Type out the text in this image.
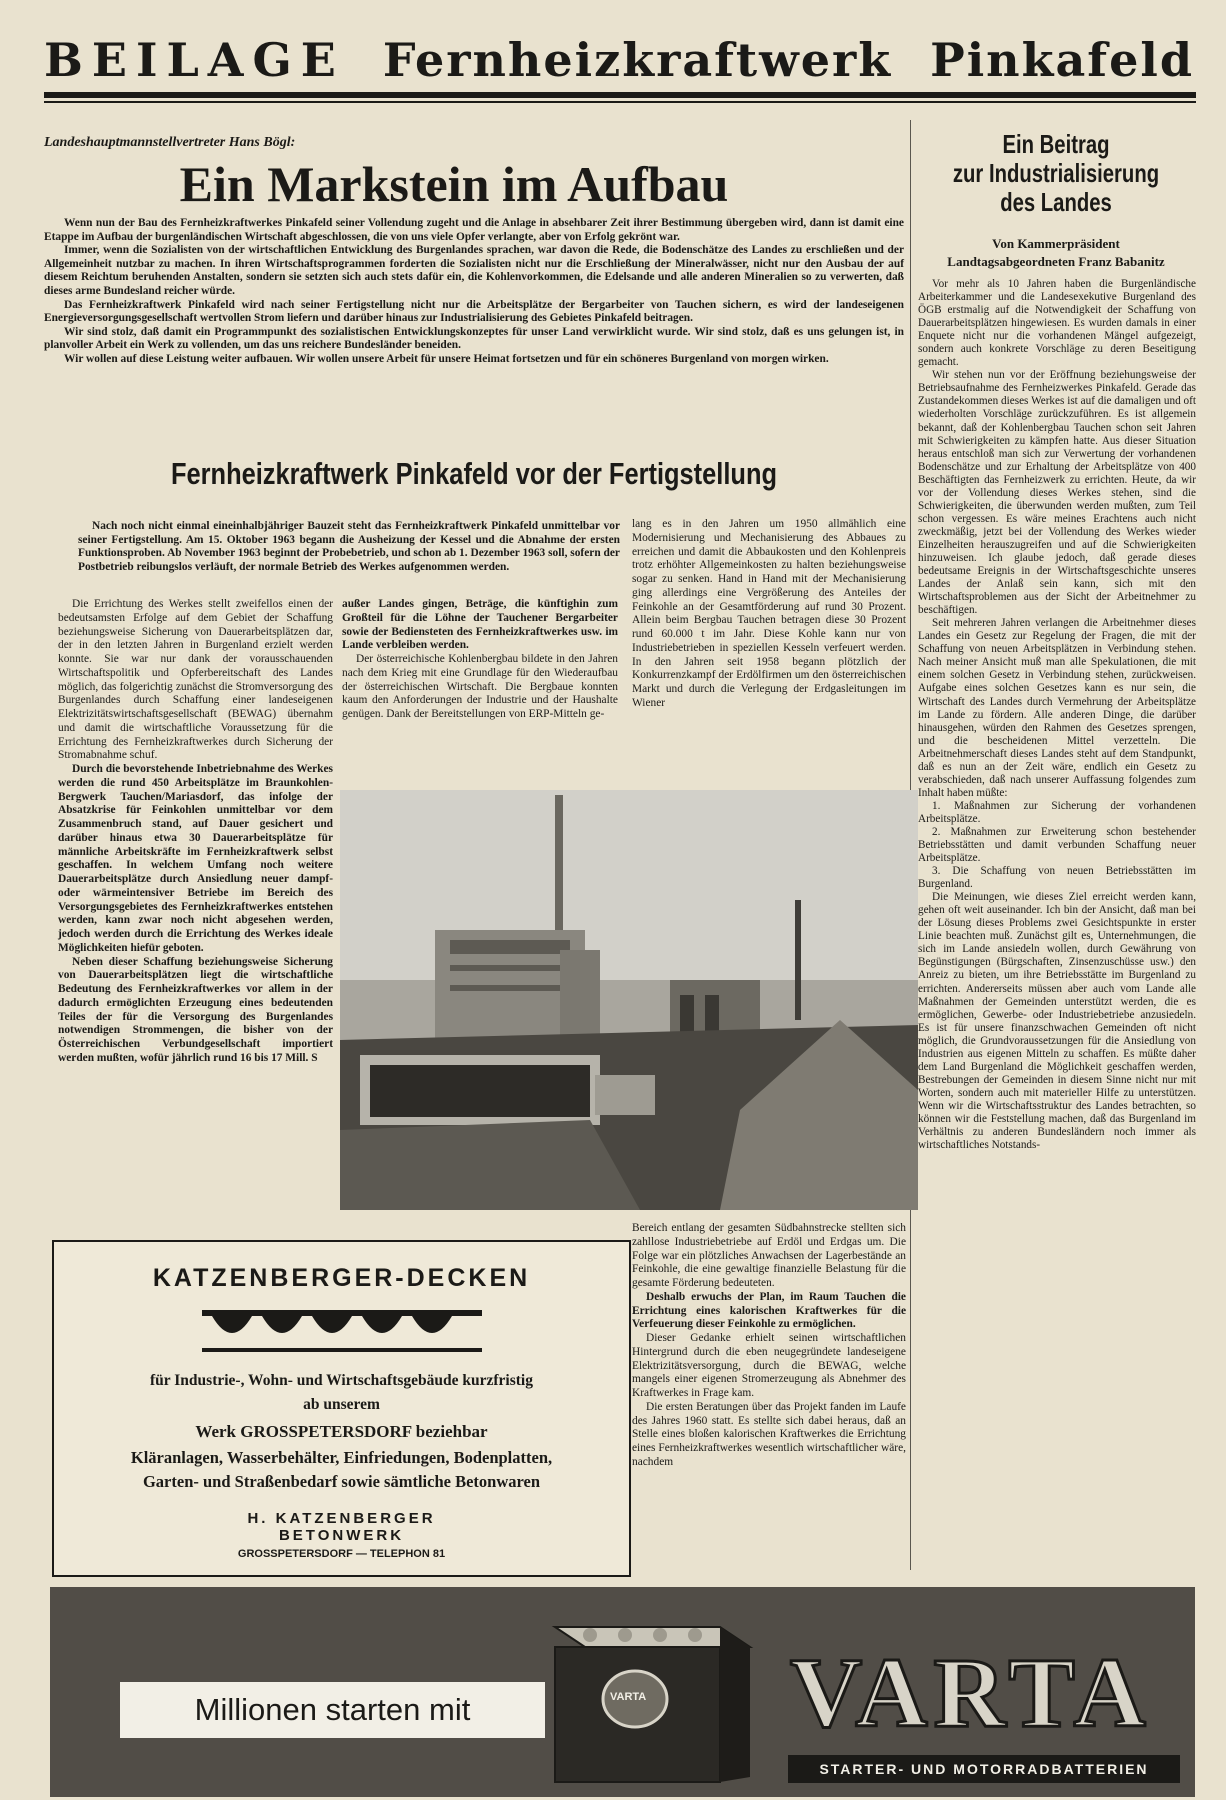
BEILAGE Fernheizkraftwerk Pinkafeld
Landeshauptmannstellvertreter Hans Bögl:
Ein Markstein im Aufbau

Wenn nun der Bau des Fernheizkraftwerkes Pinkafeld seiner Vollendung zugeht und die Anlage in absehbarer Zeit ihrer Bestimmung übergeben wird, dann ist damit eine Etappe im Aufbau der burgenländischen Wirtschaft abgeschlossen, die von uns viele Opfer verlangte, aber von Erfolg gekrönt war.

Immer, wenn die Sozialisten von der wirtschaftlichen Entwicklung des Burgenlandes sprachen, war davon die Rede, die Bodenschätze des Landes zu erschließen und der Allgemeinheit nutzbar zu machen. In ihren Wirtschaftsprogrammen forderten die Sozialisten nicht nur die Erschließung der Mineralwässer, nicht nur den Ausbau der auf diesem Reichtum beruhenden Anstalten, sondern sie setzten sich auch stets dafür ein, die Kohlenvorkommen, die Edelsande und alle anderen Mineralien so zu verwerten, daß dieses arme Bundesland reicher würde.

Das Fernheizkraftwerk Pinkafeld wird nach seiner Fertigstellung nicht nur die Arbeitsplätze der Bergarbeiter von Tauchen sichern, es wird der landeseigenen Energieversorgungsgesellschaft wertvollen Strom liefern und darüber hinaus zur Industrialisierung des Gebietes Pinkafeld beitragen.

Wir sind stolz, daß damit ein Programmpunkt des sozialistischen Entwicklungskonzeptes für unser Land verwirklicht wurde. Wir sind stolz, daß es uns gelungen ist, in planvoller Arbeit ein Werk zu vollenden, um das uns reichere Bundesländer beneiden.

Wir wollen auf diese Leistung weiter aufbauen. Wir wollen unsere Arbeit für unsere Heimat fortsetzen und für ein schöneres Burgenland von morgen wirken.

Fernheizkraftwerk Pinkafeld vor der Fertigstellung

Nach noch nicht einmal eineinhalbjähriger Bauzeit steht das Fernheizkraftwerk Pinkafeld unmittelbar vor seiner Fertigstellung. Am 15. Oktober 1963 begann die Ausheizung der Kessel und die Abnahme der ersten Funktionsproben. Ab November 1963 beginnt der Probebetrieb, und schon ab 1. Dezember 1963 soll, sofern der Postbetrieb reibungslos verläuft, der normale Betrieb des Werkes aufgenommen werden.

Die Errichtung des Werkes stellt zweifellos einen der bedeutsamsten Erfolge auf dem Gebiet der Schaffung beziehungsweise Sicherung von Dauerarbeitsplätzen dar, der in den letzten Jahren in Burgenland erzielt werden konnte. Sie war nur dank der vorausschauenden Wirtschaftspolitik und Opferbereitschaft des Landes möglich, das folgerichtig zunächst die Stromversorgung des Burgenlandes durch Schaffung einer landeseigenen Elektrizitätswirtschaftsgesellschaft (BEWAG) übernahm und damit die wirtschaftliche Voraussetzung für die Errichtung des Fernheizkraftwerkes durch Sicherung der Stromabnahme schuf.

Durch die bevorstehende Inbetriebnahme des Werkes werden die rund 450 Arbeitsplätze im Braunkohlen-Bergwerk Tauchen/Mariasdorf, das infolge der Absatzkrise für Feinkohlen unmittelbar vor dem Zusammenbruch stand, auf Dauer gesichert und darüber hinaus etwa 30 Dauerarbeitsplätze für männliche Arbeitskräfte im Fernheizkraftwerk selbst geschaffen. In welchem Umfang noch weitere Dauerarbeitsplätze durch Ansiedlung neuer dampf- oder wärmeintensiver Betriebe im Bereich des Versorgungsgebietes des Fernheizkraftwerkes entstehen werden, kann zwar noch nicht abgesehen werden, jedoch werden durch die Errichtung des Werkes ideale Möglichkeiten hiefür geboten.

Neben dieser Schaffung beziehungsweise Sicherung von Dauerarbeitsplätzen liegt die wirtschaftliche Bedeutung des Fernheizkraftwerkes vor allem in der dadurch ermöglichten Erzeugung eines bedeutenden Teiles der für die Versorgung des Burgenlandes notwendigen Strommengen, die bisher von der Österreichischen Verbundgesellschaft importiert werden mußten, wofür jährlich rund 16 bis 17 Mill. S

außer Landes gingen, Beträge, die künftighin zum Großteil für die Löhne der Tauchener Bergarbeiter sowie der Bediensteten des Fernheizkraftwerkes usw. im Lande verbleiben werden.

Der österreichische Kohlenbergbau bildete in den Jahren nach dem Krieg mit eine Grundlage für den Wiederaufbau der österreichischen Wirtschaft. Die Bergbaue konnten kaum den Anforderungen der Industrie und der Haushalte genügen. Dank der Bereitstellungen von ERP-Mitteln ge-

lang es in den Jahren um 1950 allmählich eine Modernisierung und Mechanisierung des Abbaues zu erreichen und damit die Abbaukosten und den Kohlenpreis trotz erhöhter Allgemeinkosten zu halten beziehungsweise sogar zu senken. Hand in Hand mit der Mechanisierung ging allerdings eine Vergrößerung des Anteiles der Feinkohle an der Gesamtförderung auf rund 30 Prozent. Allein beim Bergbau Tauchen betragen diese 30 Prozent rund 60.000 t im Jahr. Diese Kohle kann nur von Industriebetrieben in speziellen Kesseln verfeuert werden. In den Jahren seit 1958 begann plötzlich der Konkurrenzkampf der Erdölfirmen um den österreichischen Markt und durch die Verlegung der Erdgasleitungen im Wiener

Bereich entlang der gesamten Südbahnstrecke stellten sich zahllose Industriebetriebe auf Erdöl und Erdgas um. Die Folge war ein plötzliches Anwachsen der Lagerbestände an Feinkohle, die eine gewaltige finanzielle Belastung für die gesamte Förderung bedeuteten.

Deshalb erwuchs der Plan, im Raum Tauchen die Errichtung eines kalorischen Kraftwerkes für die Verfeuerung dieser Feinkohle zu ermöglichen.

Dieser Gedanke erhielt seinen wirtschaftlichen Hintergrund durch die eben neugegründete landeseigene Elektrizitätsversorgung, durch die BEWAG, welche mangels einer eigenen Stromerzeugung als Abnehmer des Kraftwerkes in Frage kam.

Die ersten Beratungen über das Projekt fanden im Laufe des Jahres 1960 statt. Es stellte sich dabei heraus, daß an Stelle eines bloßen kalorischen Kraftwerkes die Errichtung eines Fernheizkraftwerkes wesentlich wirtschaftlicher wäre, nachdem

Ein Beitrag
zur Industrialisierung
des Landes
Von Kammerpräsident
Landtagsabgeordneten Franz Babanitz

Vor mehr als 10 Jahren haben die Burgenländische Arbeiterkammer und die Landesexekutive Burgenland des ÖGB erstmalig auf die Notwendigkeit der Schaffung von Dauerarbeitsplätzen hingewiesen. Es wurden damals in einer Enquete nicht nur die vorhandenen Mängel aufgezeigt, sondern auch konkrete Vorschläge zu deren Beseitigung gemacht.

Wir stehen nun vor der Eröffnung beziehungsweise der Betriebsaufnahme des Fernheizwerkes Pinkafeld. Gerade das Zustandekommen dieses Werkes ist auf die damaligen und oft wiederholten Vorschläge zurückzuführen. Es ist allgemein bekannt, daß der Kohlenbergbau Tauchen schon seit Jahren mit Schwierigkeiten zu kämpfen hatte. Aus dieser Situation heraus entschloß man sich zur Verwertung der vorhandenen Bodenschätze und zur Erhaltung der Arbeitsplätze von 400 Beschäftigten das Fernheizwerk zu errichten. Heute, da wir vor der Vollendung dieses Werkes stehen, sind die Schwierigkeiten, die überwunden werden mußten, zum Teil schon vergessen. Es wäre meines Erachtens auch nicht zweckmäßig, jetzt bei der Vollendung des Werkes wieder Einzelheiten herauszugreifen und auf die Schwierigkeiten hinzuweisen. Ich glaube jedoch, daß gerade dieses bedeutsame Ereignis in der Wirtschaftsgeschichte unseres Landes der Anlaß sein kann, sich mit den Wirtschaftsproblemen aus der Sicht der Arbeitnehmer zu beschäftigen.

Seit mehreren Jahren verlangen die Arbeitnehmer dieses Landes ein Gesetz zur Regelung der Fragen, die mit der Schaffung von neuen Arbeitsplätzen in Verbindung stehen. Nach meiner Ansicht muß man alle Spekulationen, die mit einem solchen Gesetz in Verbindung stehen, zurückweisen. Aufgabe eines solchen Gesetzes kann es nur sein, die Wirtschaft des Landes durch Vermehrung der Arbeitsplätze im Lande zu fördern. Alle anderen Dinge, die darüber hinausgehen, würden den Rahmen des Gesetzes sprengen, und die bescheidenen Mittel verzetteln. Die Arbeitnehmerschaft dieses Landes steht auf dem Standpunkt, daß es nun an der Zeit wäre, endlich ein Gesetz zu verabschieden, daß nach unserer Auffassung folgendes zum Inhalt haben müßte:

1. Maßnahmen zur Sicherung der vorhandenen Arbeitsplätze.

2. Maßnahmen zur Erweiterung schon bestehender Betriebsstätten und damit verbunden Schaffung neuer Arbeitsplätze.

3. Die Schaffung von neuen Betriebsstätten im Burgenland.

Die Meinungen, wie dieses Ziel erreicht werden kann, gehen oft weit auseinander. Ich bin der Ansicht, daß man bei der Lösung dieses Problems zwei Gesichtspunkte in erster Linie beachten muß. Zunächst gilt es, Unternehmungen, die sich im Lande ansiedeln wollen, durch Gewährung von Begünstigungen (Bürgschaften, Zinsenzuschüsse usw.) den Anreiz zu bieten, um ihre Betriebsstätte im Burgenland zu errichten. Andererseits müssen aber auch vom Lande alle Maßnahmen der Gemeinden unterstützt werden, die es ermöglichen, Gewerbe- oder Industriebetriebe anzusiedeln. Es ist für unsere finanzschwachen Gemeinden oft nicht möglich, die Grundvoraussetzungen für die Ansiedlung von Industrien aus eigenen Mitteln zu schaffen. Es müßte daher dem Land Burgenland die Möglichkeit geschaffen werden, Bestrebungen der Gemeinden in diesem Sinne nicht nur mit Worten, sondern auch mit materieller Hilfe zu unterstützen. Wenn wir die Wirtschaftsstruktur des Landes betrachten, so können wir die Feststellung machen, daß das Burgenland im Verhältnis zu anderen Bundesländern noch immer als wirtschaftliches Notstands-

KATZENBERGER-DECKEN
für Industrie-, Wohn- und Wirtschaftsgebäude kurzfristig
ab unserem
Werk GROSSPETERSDORF beziehbar
Kläranlagen, Wasserbehälter, Einfriedungen, Bodenplatten,
Garten- und Straßenbedarf sowie sämtliche Betonwaren
H. KATZENBERGER
BETONWERK
GROSSPETERSDORF — TELEPHON 81
VARTA
Millionen starten mit	VARTA
STARTER- UND MOTORRADBATTERIEN
